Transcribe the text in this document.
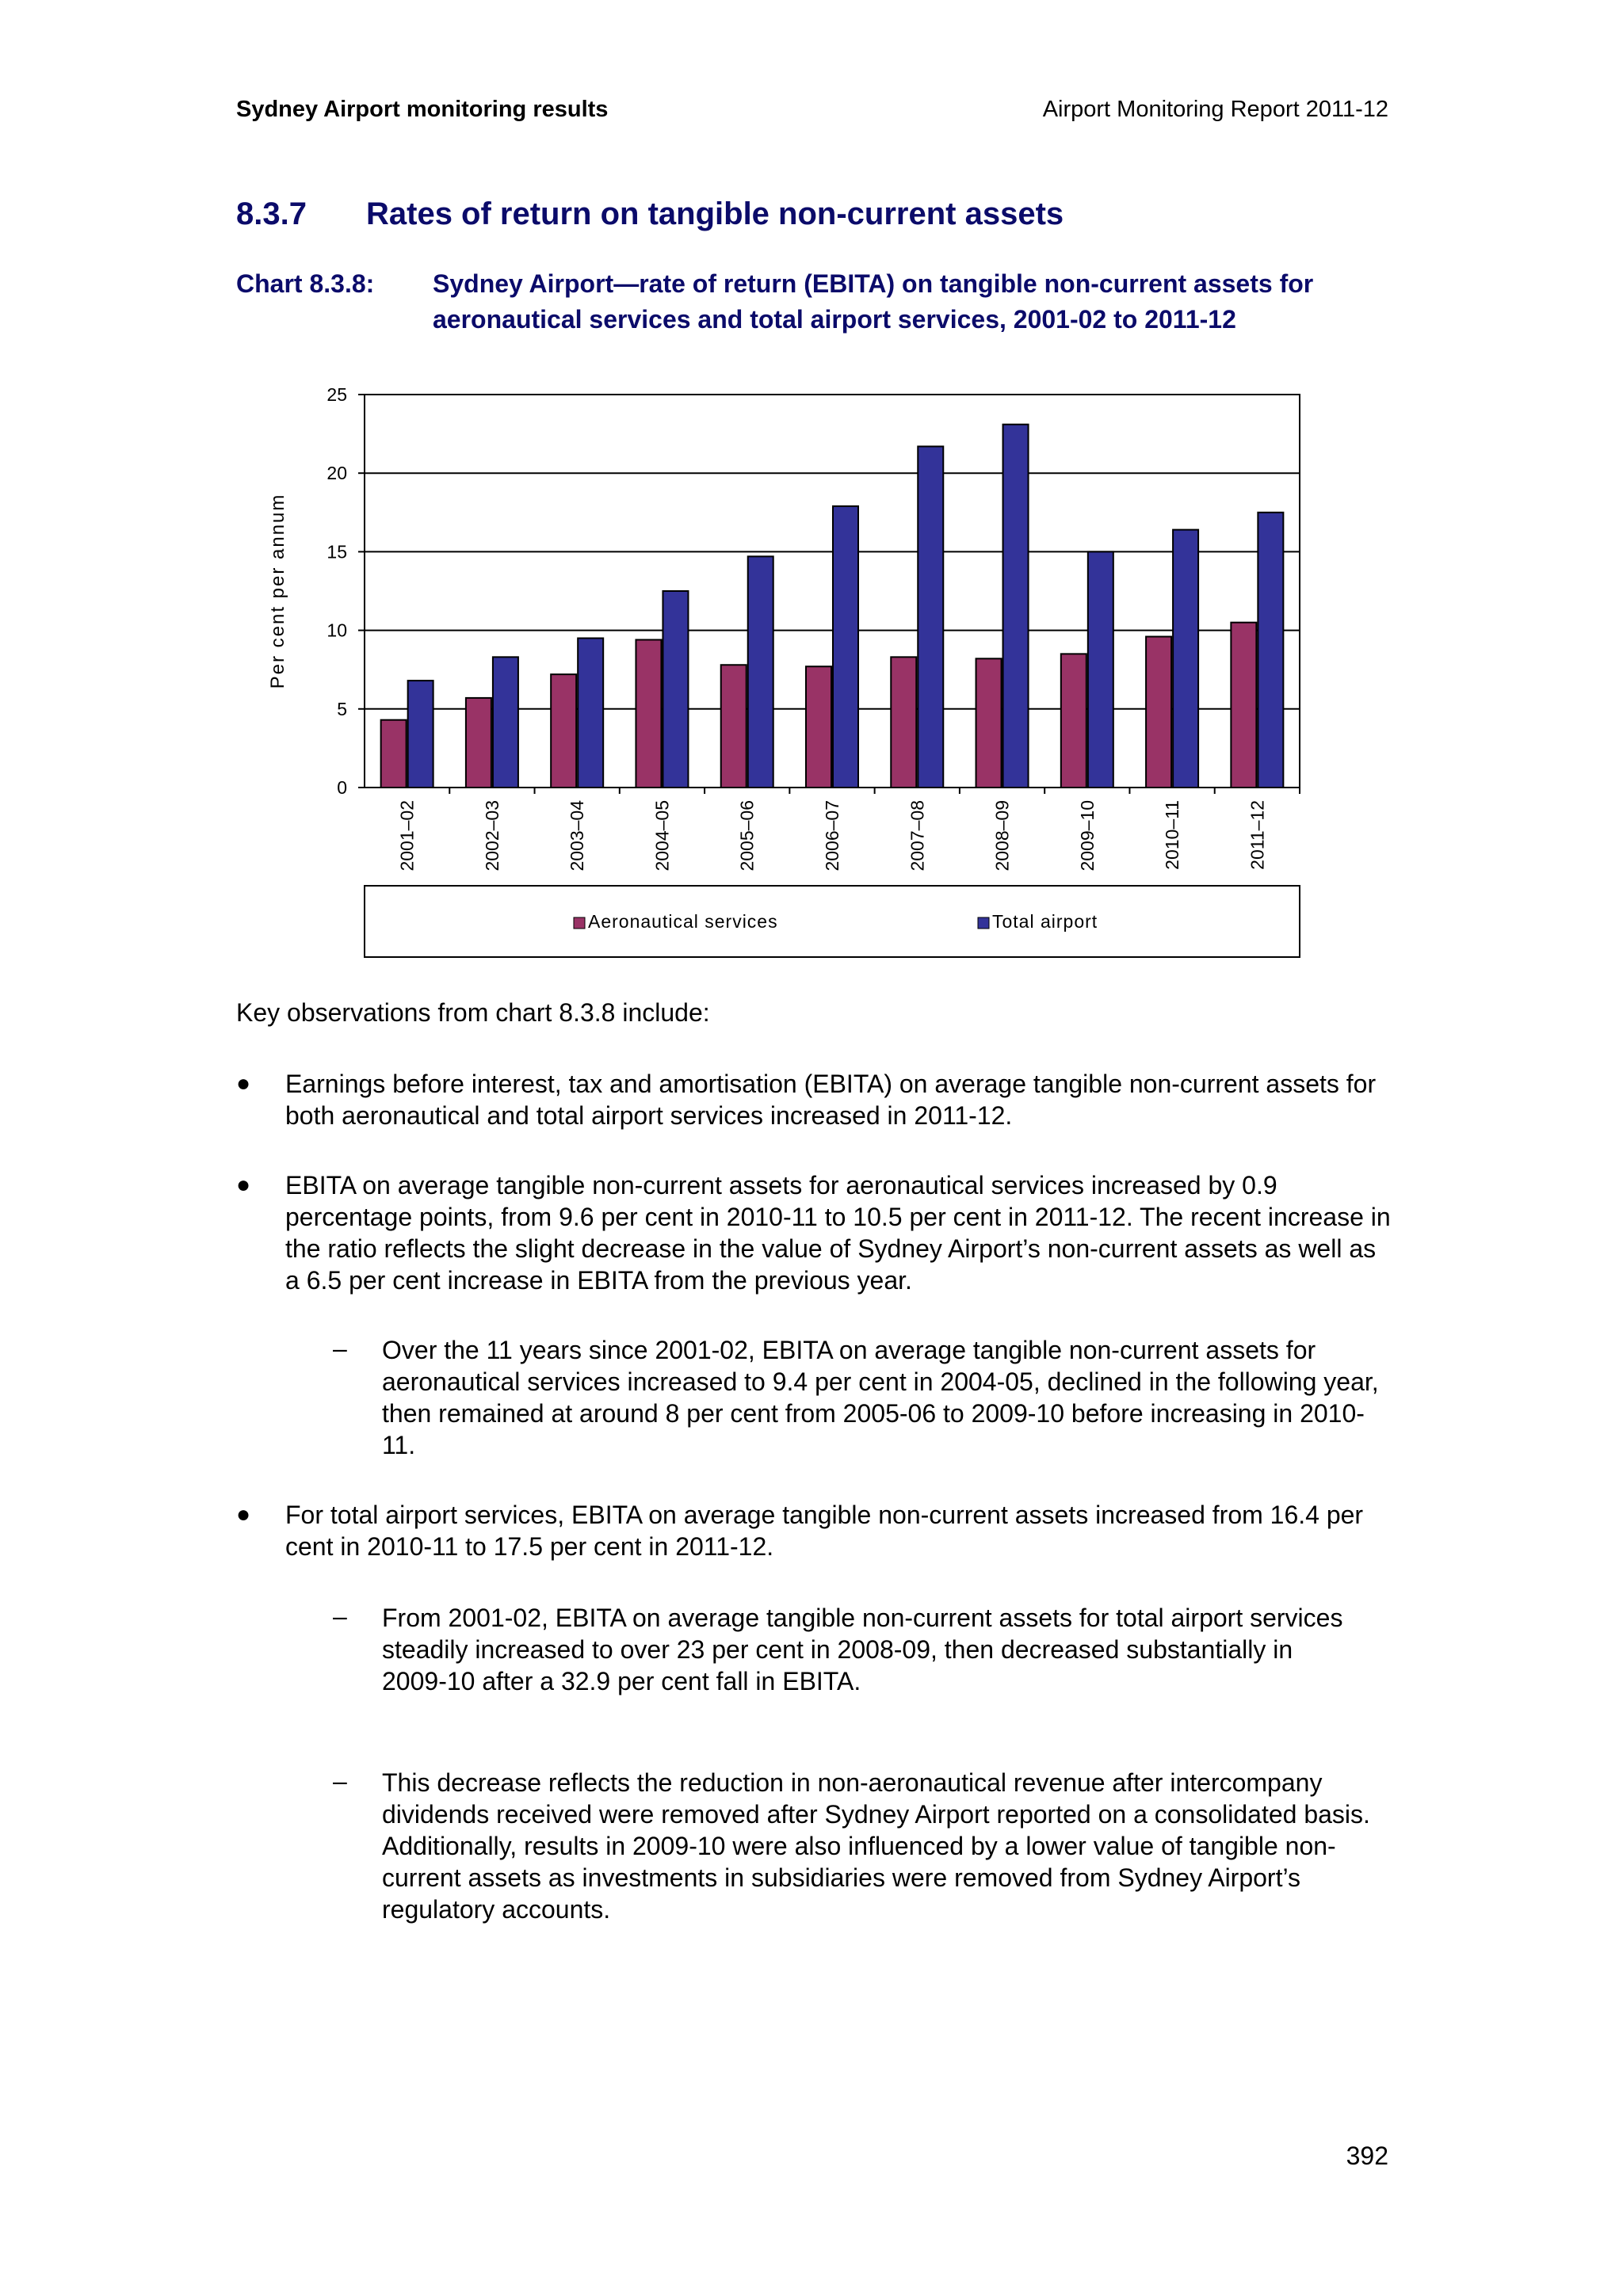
Sydney Airport monitoring results	Airport Monitoring Report 2011-12
8.3.7 Rates of return on tangible non-current assets
Chart 8.3.8: Sydney Airport—rate of return (EBITA) on tangible non-current assets for aeronautical services and total airport services, 2001-02 to 2011-12
0
5
10
15
20
25
2001–02	2002–03	2003–04	2004–05	2005–06	2006–07	2007–08	2008–09	2009–10	2010–11	2011–12
Per cent per annum
Aeronautical services	Total airport
Key observations from chart 8.3.8 include:
● Earnings before interest, tax and amortisation (EBITA) on average tangible non-current assets for both aeronautical and total airport services increased in 2011-12.
● EBITA on average tangible non-current assets for aeronautical services increased by 0.9 percentage points, from 9.6 per cent in 2010-11 to 10.5 per cent in 2011-12. The recent increase in the ratio reflects the slight decrease in the value of Sydney Airport’s non-current assets as well as a 6.5 per cent increase in EBITA from the previous year.
– Over the 11 years since 2001-02, EBITA on average tangible non-current assets for aeronautical services increased to 9.4 per cent in 2004-05, declined in the following year, then remained at around 8 per cent from 2005-06 to 2009-10 before increasing in 2010-11.
● For total airport services, EBITA on average tangible non-current assets increased from 16.4 per cent in 2010-11 to 17.5 per cent in 2011-12.
– From 2001-02, EBITA on average tangible non-current assets for total airport services steadily increased to over 23 per cent in 2008-09, then decreased substantially in
2009-10 after a 32.9 per cent fall in EBITA.
– This decrease reflects the reduction in non-aeronautical revenue after intercompany dividends received were removed after Sydney Airport reported on a consolidated basis. Additionally, results in 2009-10 were also influenced by a lower value of tangible non-current assets as investments in subsidiaries were removed from Sydney Airport’s regulatory accounts.
392
